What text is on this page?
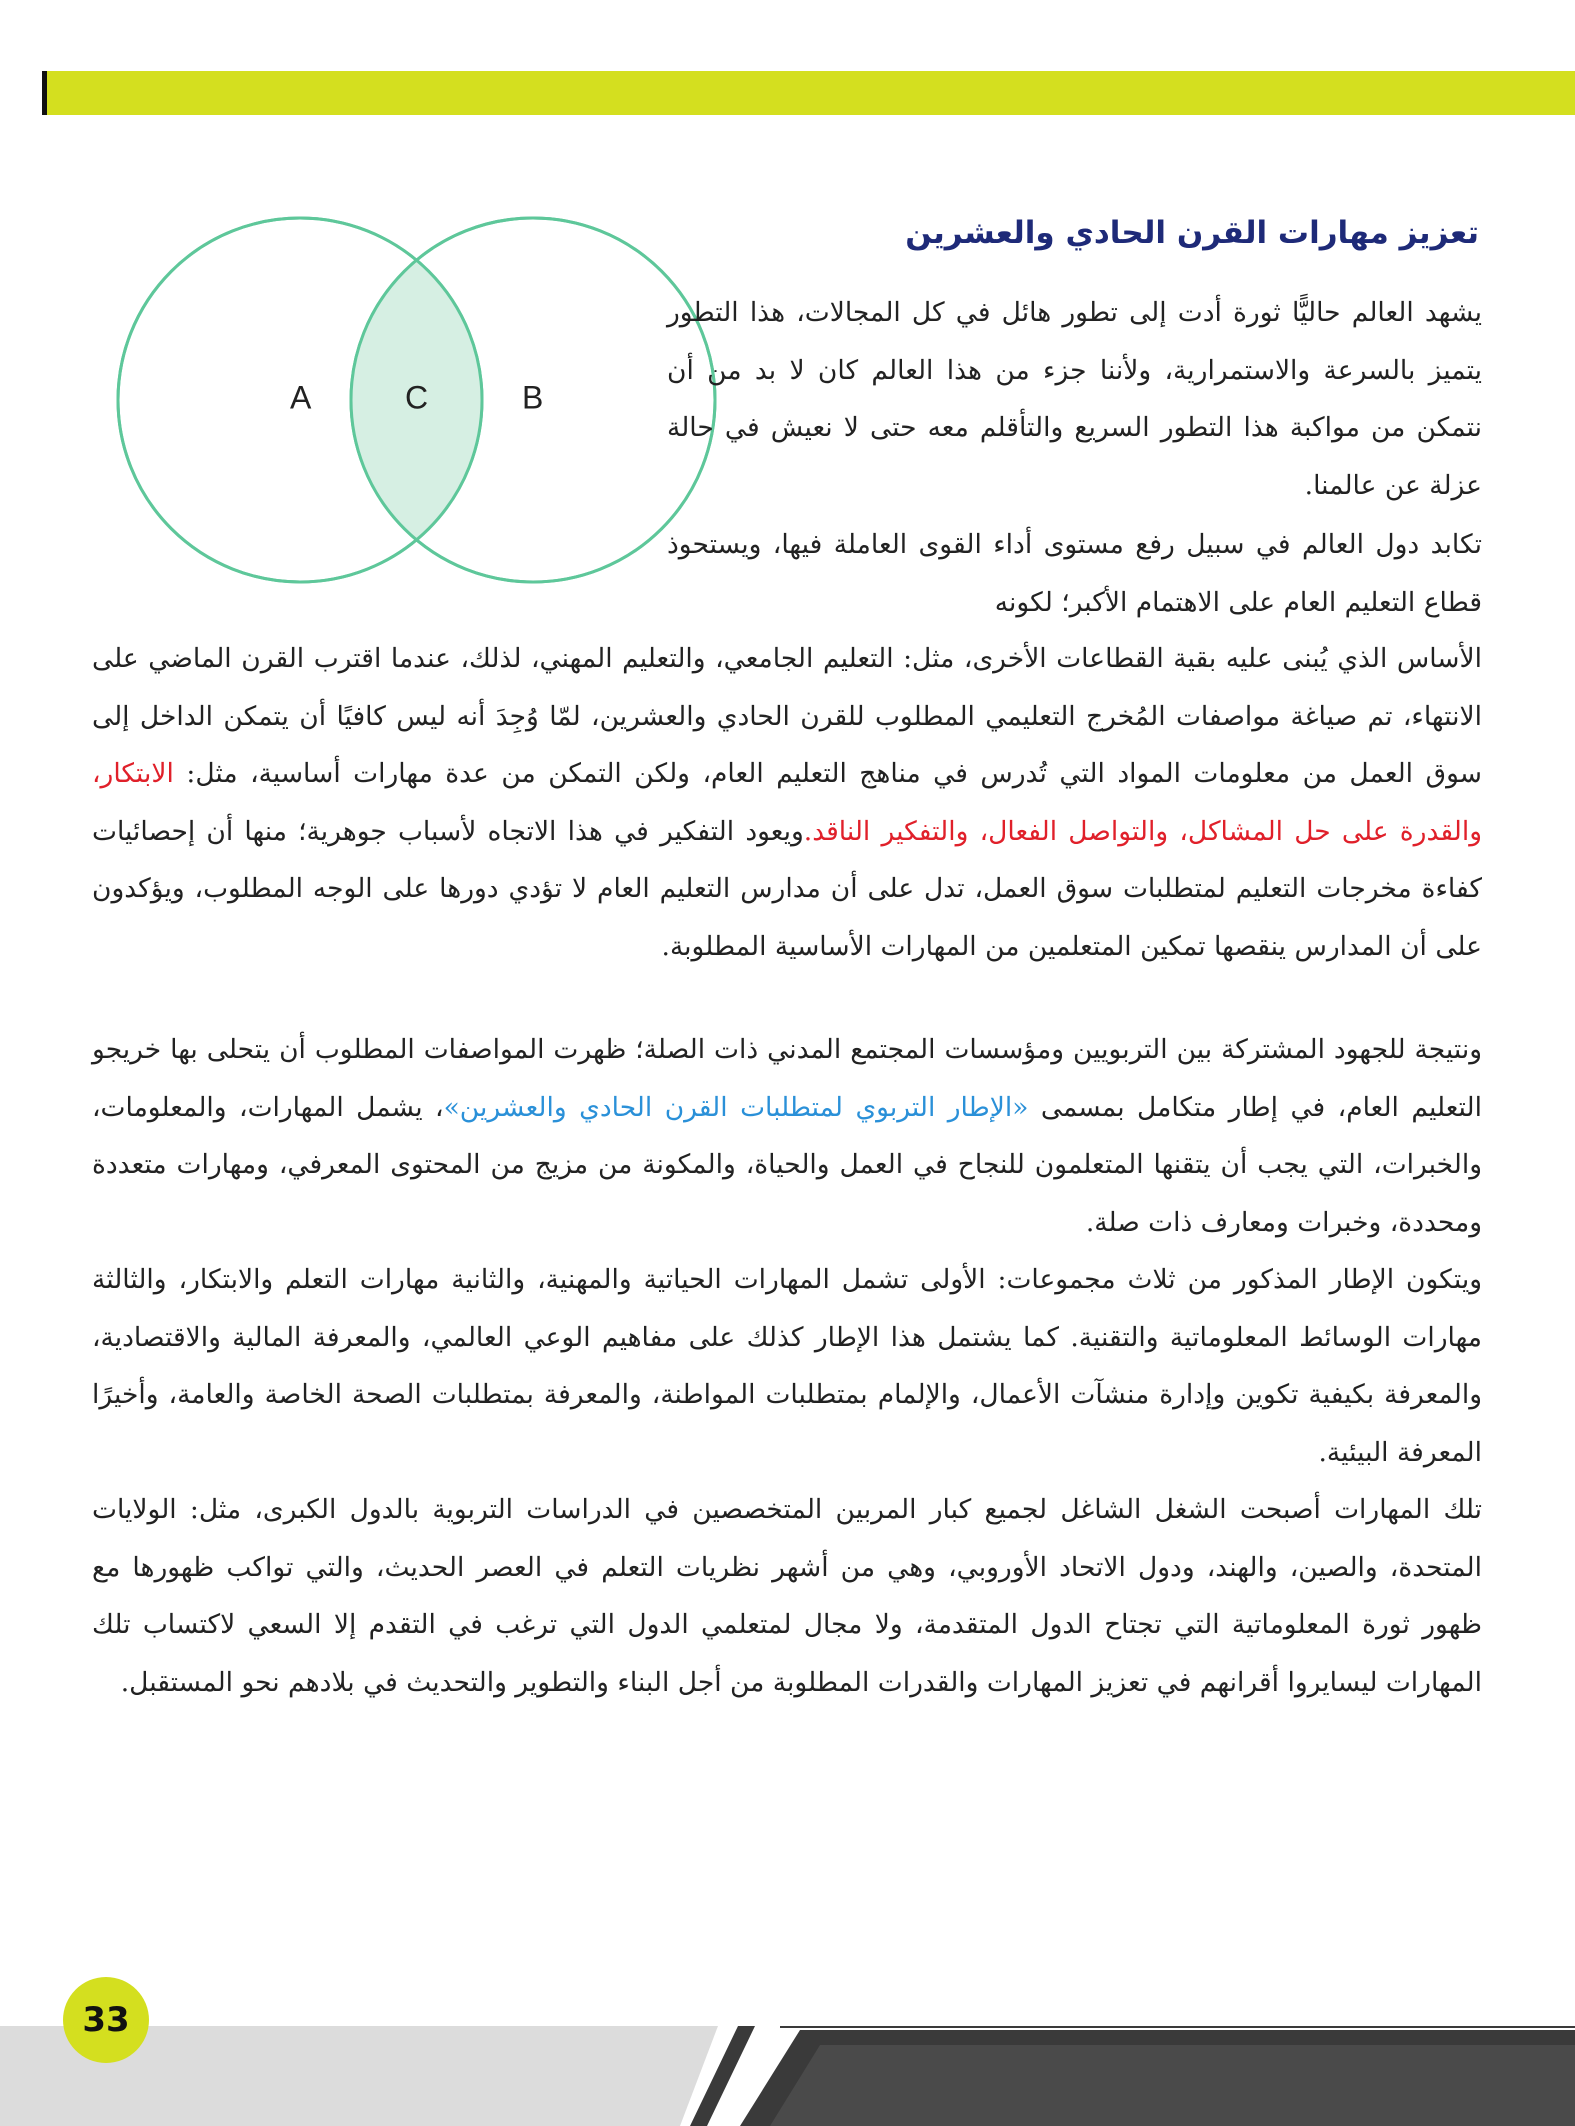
A	C	B
تعزيز مهارات القرن الحادي والعشرين

يشهد العالم حاليًّا ثورة أدت إلى تطور هائل في كل المجالات، هذا التطور يتميز بالسرعة والاستمرارية، ولأننا جزء من هذا العالم كان لا بد من أن نتمكن من مواكبة هذا التطور السريع والتأقلم معه حتى لا نعيش في حالة عزلة عن عالمنا.

تكابد دول العالم في سبيل رفع مستوى أداء القوى العاملة فيها، ويستحوذ قطاع التعليم العام على الاهتمام الأكبر؛ لكونه

الأساس الذي يُبنى عليه بقية القطاعات الأخرى، مثل: التعليم الجامعي، والتعليم المهني، لذلك، عندما اقترب القرن الماضي على الانتهاء، تم صياغة مواصفات المُخرج التعليمي المطلوب للقرن الحادي والعشرين، لمّا وُجِدَ أنه ليس كافيًا أن يتمكن الداخل إلى سوق العمل من معلومات المواد التي تُدرس في مناهج التعليم العام، ولكن التمكن من عدة مهارات أساسية، مثل: الابتكار، والقدرة على حل المشاكل، والتواصل الفعال، والتفكير الناقد.ويعود التفكير في هذا الاتجاه لأسباب جوهرية؛ منها أن إحصائيات كفاءة مخرجات التعليم لمتطلبات سوق العمل، تدل على أن مدارس التعليم العام لا تؤدي دورها على الوجه المطلوب، ويؤكدون على أن المدارس ينقصها تمكين المتعلمين من المهارات الأساسية المطلوبة.

ونتيجة للجهود المشتركة بين التربويين ومؤسسات المجتمع المدني ذات الصلة؛ ظهرت المواصفات المطلوب أن يتحلى بها خريجو التعليم العام، في إطار متكامل بمسمى «الإطار التربوي لمتطلبات القرن الحادي والعشرين»، يشمل المهارات، والمعلومات، والخبرات، التي يجب أن يتقنها المتعلمون للنجاح في العمل والحياة، والمكونة من مزيج من المحتوى المعرفي، ومهارات متعددة ومحددة، وخبرات ومعارف ذات صلة.

ويتكون الإطار المذكور من ثلاث مجموعات: الأولى تشمل المهارات الحياتية والمهنية، والثانية مهارات التعلم والابتكار، والثالثة مهارات الوسائط المعلوماتية والتقنية. كما يشتمل هذا الإطار كذلك على مفاهيم الوعي العالمي، والمعرفة المالية والاقتصادية، والمعرفة بكيفية تكوين وإدارة منشآت الأعمال، والإلمام بمتطلبات المواطنة، والمعرفة بمتطلبات الصحة الخاصة والعامة، وأخيرًا المعرفة البيئية.

تلك المهارات أصبحت الشغل الشاغل لجميع كبار المربين المتخصصين في الدراسات التربوية بالدول الكبرى، مثل: الولايات المتحدة، والصين، والهند، ودول الاتحاد الأوروبي، وهي من أشهر نظريات التعلم في العصر الحديث، والتي تواكب ظهورها مع ظهور ثورة المعلوماتية التي تجتاح الدول المتقدمة، ولا مجال لمتعلمي الدول التي ترغب في التقدم إلا السعي لاكتساب تلك المهارات ليسايروا أقرانهم في تعزيز المهارات والقدرات المطلوبة من أجل البناء والتطوير والتحديث في بلادهم نحو المستقبل.

33
